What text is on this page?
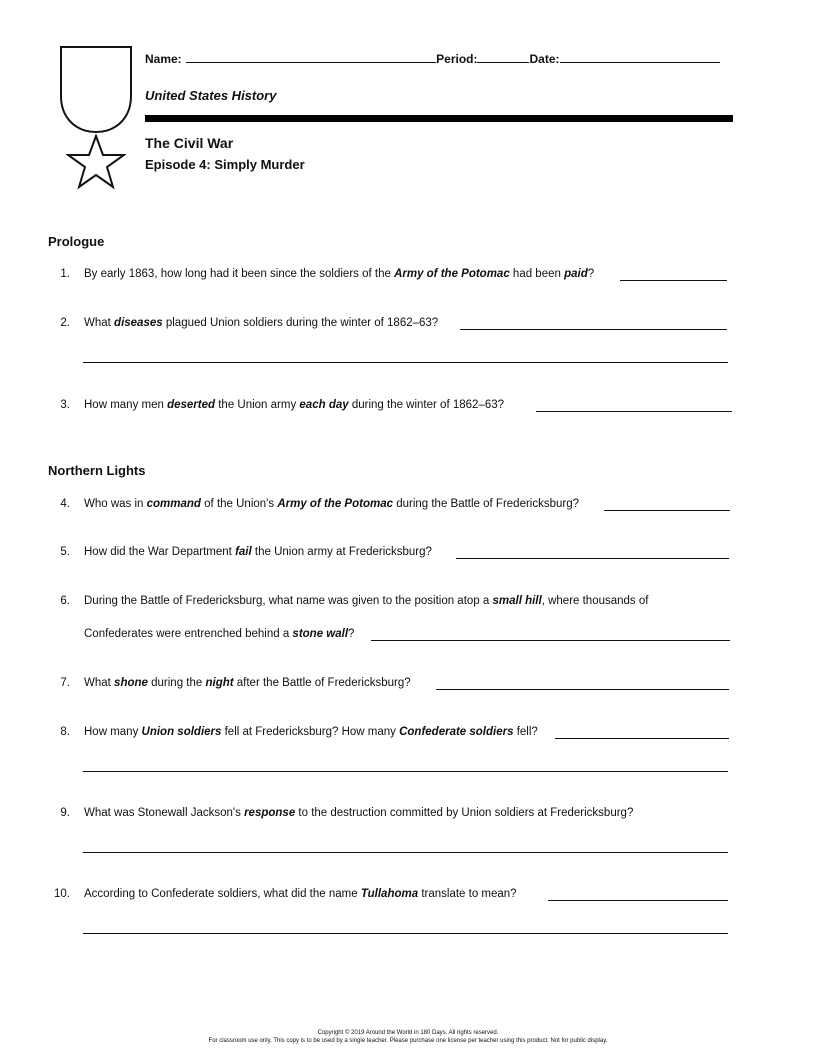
Name:	Period:	Date:
United States History
The Civil War
Episode 4: Simply Murder
Prologue
Northern Lights
1. By early 1863, how long had it been since the soldiers of the Army of the Potomac had been paid?
2. What diseases plagued Union soldiers during the winter of 1862–63?
3. How many men deserted the Union army each day during the winter of 1862–63?
4. Who was in command of the Union's Army of the Potomac during the Battle of Fredericksburg?
5. How did the War Department fail the Union army at Fredericksburg?
6. During the Battle of Fredericksburg, what name was given to the position atop a small hill, where thousands of
Confederates were entrenched behind a stone wall?
7. What shone during the night after the Battle of Fredericksburg?
8. How many Union soldiers fell at Fredericksburg? How many Confederate soldiers fell?
9. What was Stonewall Jackson's response to the destruction committed by Union soldiers at Fredericksburg?
10. According to Confederate soldiers, what did the name Tullahoma translate to mean?
Copyright © 2019 Around the World in 180 Days. All rights reserved.
For classroom use only. This copy is to be used by a single teacher. Please purchase one license per teacher using this product. Not for public display.
